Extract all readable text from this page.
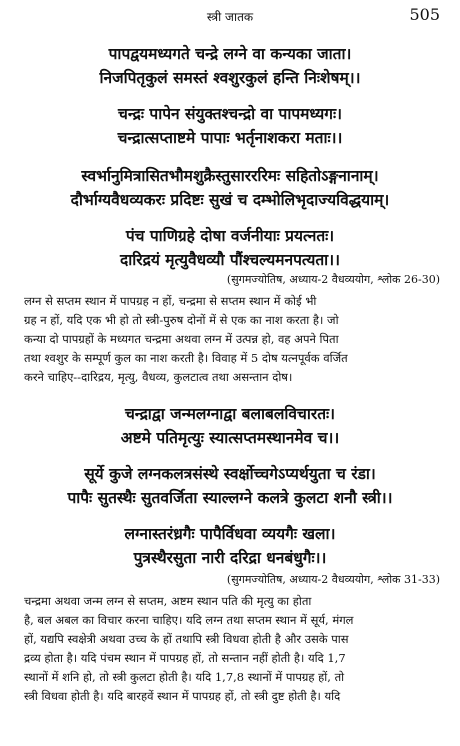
स्त्री जातक	505
पापद्वयमध्यगते चन्द्रे लग्ने वा कन्यका जाता।
निजपितृकुलं समस्तं श्वशुरकुलं हन्ति निःशेषम्।।
चन्द्रः पापेन संयुक्तश्चन्द्रो वा पापमध्यगः।
चन्द्रात्सप्ताष्टमे पापाः भर्तृनाशकरा मताः।।
स्वर्भानुमित्रासितभौमशुक्रैस्तुसारररिमः सहितोऽङ्गनानाम्।
दौर्भाग्यवैधव्यकरः प्रदिष्टः सुखं च दम्भोलिभृदाज्यविद्धयाम्।
पंच पाणिग्रहे दोषा वर्जनीयाः प्रयत्नतः।
दारिद्रयं मृत्युवैधव्यौ पौंश्चल्यमनपत्यता।।
(सुगमज्योतिष, अध्याय-2 वैधव्ययोग, श्लोक 26-30)
लग्न से सप्तम स्थान में पापग्रह न हों, चन्द्रमा से सप्तम स्थान में कोई भी
ग्रह न हों, यदि एक भी हो तो स्त्री-पुरुष दोनों में से एक का नाश करता है। जो
कन्या दो पापग्रहों के मध्यगत चन्द्रमा अथवा लग्न में उत्पन्न हो, वह अपने पिता
तथा श्वशुर के सम्पूर्ण कुल का नाश करती है। विवाह में 5 दोष यत्नपूर्वक वर्जित
करने चाहिए--दारिद्रय, मृत्यु, वैधव्य, कुलटात्व तथा असन्तान दोष।
चन्द्राद्वा जन्मलग्नाद्वा बलाबलविचारतः।
अष्टमे पतिमृत्युः स्यात्सप्तमस्थानमेव च।।
सूर्ये कुजे लग्नकलत्रसंस्थे स्वर्क्षोच्चगेऽप्यर्थयुता च रंडा।
पापैः सुतस्थैः सुतवर्जिता स्याल्लग्ने कलत्रे कुलटा शनौ स्त्री।।
लग्नास्तरंध्रगैः पापैर्विधवा व्ययगैः खला।
पुत्रस्थैरसुता नारी दरिद्रा धनबंधुगैः।।
(सुगमज्योतिष, अध्याय-2 वैधव्ययोग, श्लोक 31-33)
चन्द्रमा अथवा जन्म लग्न से सप्तम, अष्टम स्थान पति की मृत्यु का होता
है, बल अबल का विचार करना चाहिए। यदि लग्न तथा सप्तम स्थान में सूर्य, मंगल
हों, यद्यपि स्वक्षेत्री अथवा उच्च के हों तथापि स्त्री विधवा होती है और उसके पास
द्रव्य होता है। यदि पंचम स्थान में पापग्रह हों, तो सन्तान नहीं होती है। यदि 1,7
स्थानों में शनि हो, तो स्त्री कुलटा होती है। यदि 1,7,8 स्थानों में पापग्रह हों, तो
स्त्री विधवा होती है। यदि बारहवें स्थान में पापग्रह हों, तो स्त्री दुष्ट होती है। यदि
